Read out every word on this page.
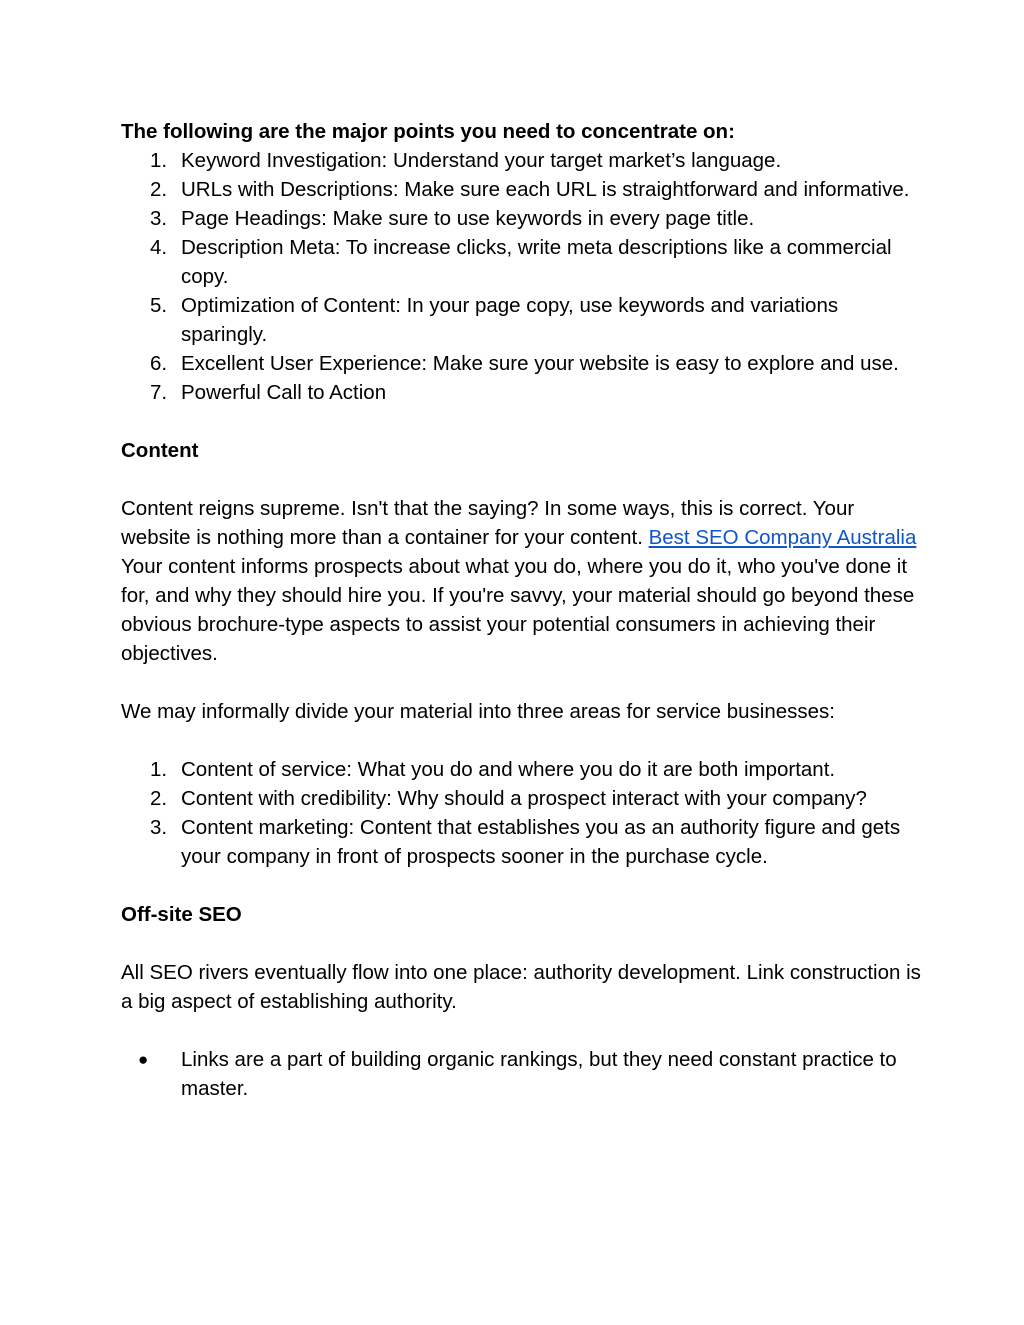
The following are the major points you need to concentrate on:

1. Keyword Investigation: Understand your target market’s language.
2. URLs with Descriptions: Make sure each URL is straightforward and informative.
3. Page Headings: Make sure to use keywords in every page title.
4. Description Meta: To increase clicks, write meta descriptions like a commercial copy.
5. Optimization of Content: In your page copy, use keywords and variations sparingly.
6. Excellent User Experience: Make sure your website is easy to explore and use.
7. Powerful Call to Action

Content

Content reigns supreme. Isn't that the saying? In some ways, this is correct. Your website is nothing more than a container for your content. Best SEO Company Australia Your content informs prospects about what you do, where you do it, who you've done it for, and why they should hire you. If you're savvy, your material should go beyond these obvious brochure-type aspects to assist your potential consumers in achieving their objectives.

We may informally divide your material into three areas for service businesses:

1. Content of service: What you do and where you do it are both important.
2. Content with credibility: Why should a prospect interact with your company?
3. Content marketing: Content that establishes you as an authority figure and gets your company in front of prospects sooner in the purchase cycle.

Off-site SEO

All SEO rivers eventually flow into one place: authority development. Link construction is a big aspect of establishing authority.

● Links are a part of building organic rankings, but they need constant practice to master.
